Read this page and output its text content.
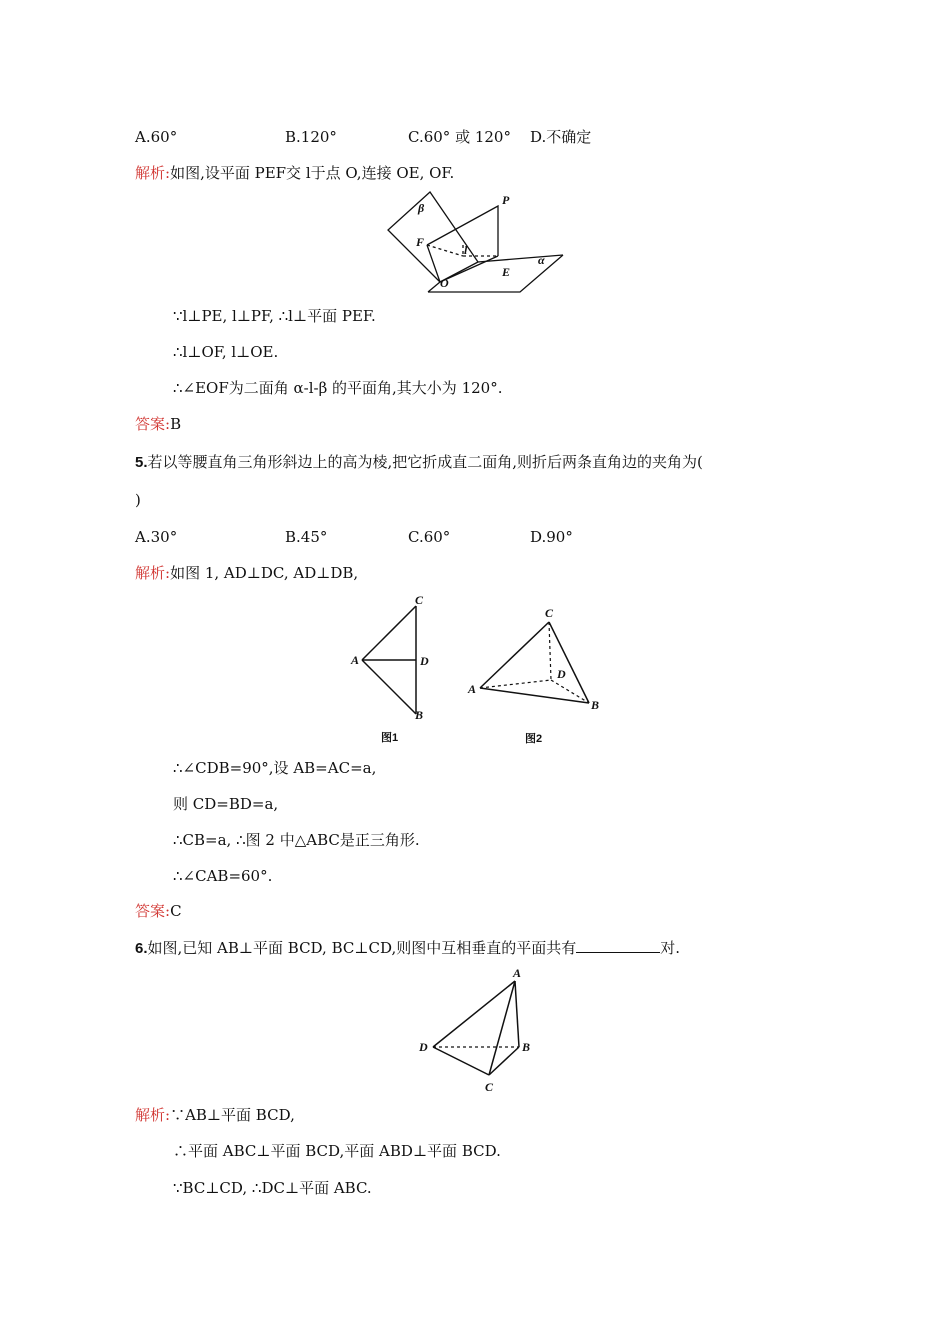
A.60°	B.120°	C.60° 或 120° D.不确定
解析:如图,设平面 PEF交 l于点 O,连接 OE, OF.
β
P
F
l
O
E
α
∵l⊥PE, l⊥PF, ∴l⊥平面 PEF.
∴l⊥OF, l⊥OE.
∴∠EOF为二面角 α-l-β 的平面角,其大小为 120°.
答案:B
5.若以等腰直角三角形斜边上的高为棱,把它折成直二面角,则折后两条直角边的夹角为(
)
A.30°	B.45°	C.60°	D.90°
解析:如图 1, AD⊥DC, AD⊥DB,
C
A	D
B
图1
C
A
D
B
图2
∴∠CDB=90°,设 AB=AC=a,
则 CD=BD=a,
∴CB=a, ∴图 2 中△ABC是正三角形.
∴∠CAB=60°.
答案:C
6.如图,已知 AB⊥平面 BCD, BC⊥CD,则图中互相垂直的平面共有	对.
A
D	B
C
解析:∵AB⊥平面 BCD,
∴平面 ABC⊥平面 BCD,平面 ABD⊥平面 BCD.
∵BC⊥CD, ∴DC⊥平面 ABC.
